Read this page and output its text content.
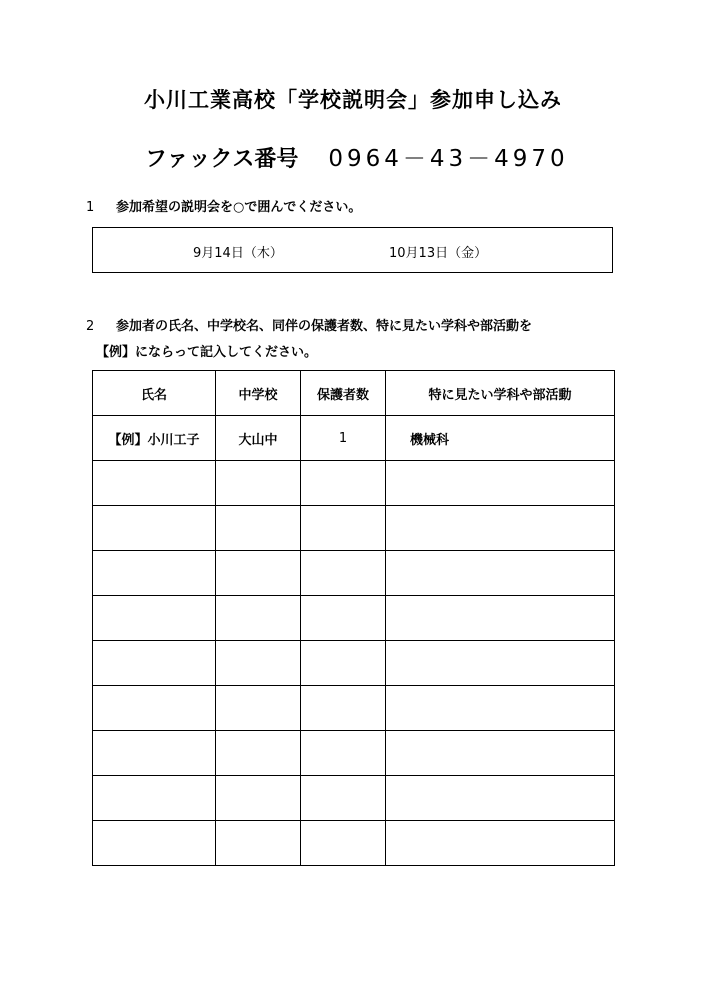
小川工業高校「学校説明会」参加申し込み
ファックス番号 0964－43－4970
1 参加希望の説明会を○で囲んでください。
9月14日（木）	10月13日（金）
2 参加者の氏名、中学校名、同伴の保護者数、特に見たい学科や部活動を
【例】にならって記入してください。
氏名	中学校	保護者数	特に見たい学科や部活動
【例】小川工子	大山中	1	機械科
